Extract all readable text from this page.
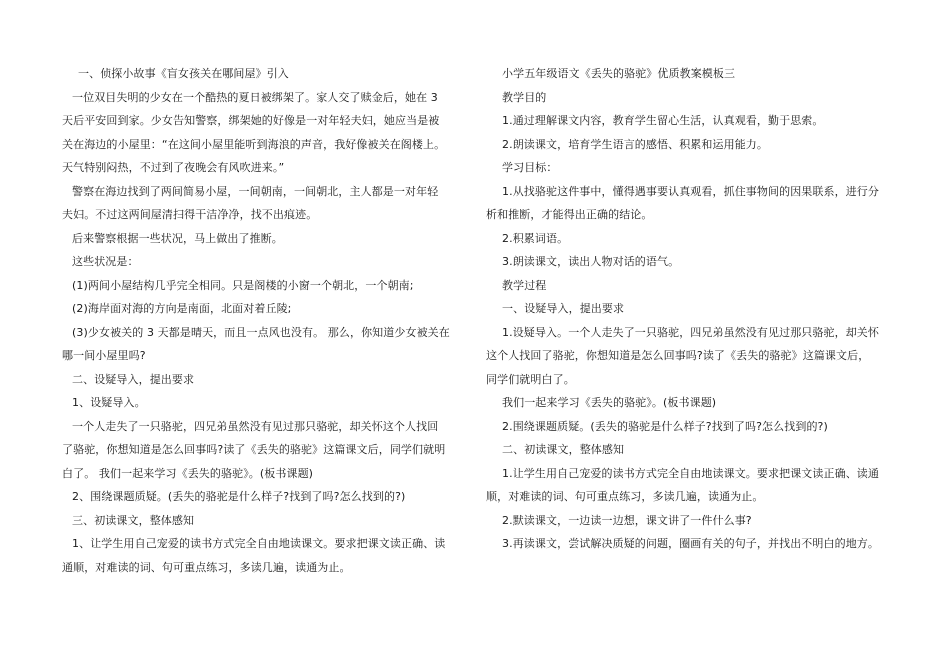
一、侦探小故事《盲女孩关在哪间屋》引入

一位双目失明的少女在一个酷热的夏日被绑架了。家人交了赎金后，她在 3

天后平安回到家。少女告知警察，绑架她的好像是一对年轻夫妇，她应当是被

关在海边的小屋里：“在这间小屋里能听到海浪的声音，我好像被关在阁楼上。

天气特别闷热，不过到了夜晚会有风吹进来。”

警察在海边找到了两间简易小屋，一间朝南，一间朝北，主人都是一对年轻

夫妇。不过这两间屋清扫得干洁净净，找不出痕迹。

后来警察根据一些状况，马上做出了推断。

这些状况是：

(1)两间小屋结构几乎完全相同。只是阁楼的小窗一个朝北，一个朝南;

(2)海岸面对海的方向是南面，北面对着丘陵;

(3)少女被关的 3 天都是晴天，而且一点风也没有。 那么，你知道少女被关在

哪一间小屋里吗?

二、设疑导入，提出要求

1、设疑导入。

一个人走失了一只骆驼，四兄弟虽然没有见过那只骆驼，却关怀这个人找回

了骆驼，你想知道是怎么回事吗?读了《丢失的骆驼》这篇课文后，同学们就明

白了。 我们一起来学习《丢失的骆驼》。(板书课题)

2、围绕课题质疑。(丢失的骆驼是什么样子?找到了吗?怎么找到的?)

三、初读课文，整体感知

1、让学生用自己宠爱的读书方式完全自由地读课文。要求把课文读正确、读

通顺，对难读的词、句可重点练习，多读几遍，读通为止。

小学五年级语文《丢失的骆驼》优质教案模板三

教学目的

1.通过理解课文内容，教育学生留心生活，认真观看，勤于思索。

2.朗读课文，培育学生语言的感悟、积累和运用能力。

学习目标：

1.从找骆驼这件事中，懂得遇事要认真观看，抓住事物间的因果联系，进行分

析和推断，才能得出正确的结论。

2.积累词语。

3.朗读课文，读出人物对话的语气。

教学过程

一、设疑导入，提出要求

1.设疑导入。一个人走失了一只骆驼，四兄弟虽然没有见过那只骆驼，却关怀

这个人找回了骆驼，你想知道是怎么回事吗?读了《丢失的骆驼》这篇课文后，

同学们就明白了。

我们一起来学习《丢失的骆驼》。(板书课题)

2.围绕课题质疑。(丢失的骆驼是什么样子?找到了吗?怎么找到的?)

二、初读课文，整体感知

1.让学生用自己宠爱的读书方式完全自由地读课文。要求把课文读正确、读通

顺，对难读的词、句可重点练习，多读几遍，读通为止。

2.默读课文，一边读一边想，课文讲了一件什么事?

3.再读课文，尝试解决质疑的问题，圈画有关的句子，并找出不明白的地方。
